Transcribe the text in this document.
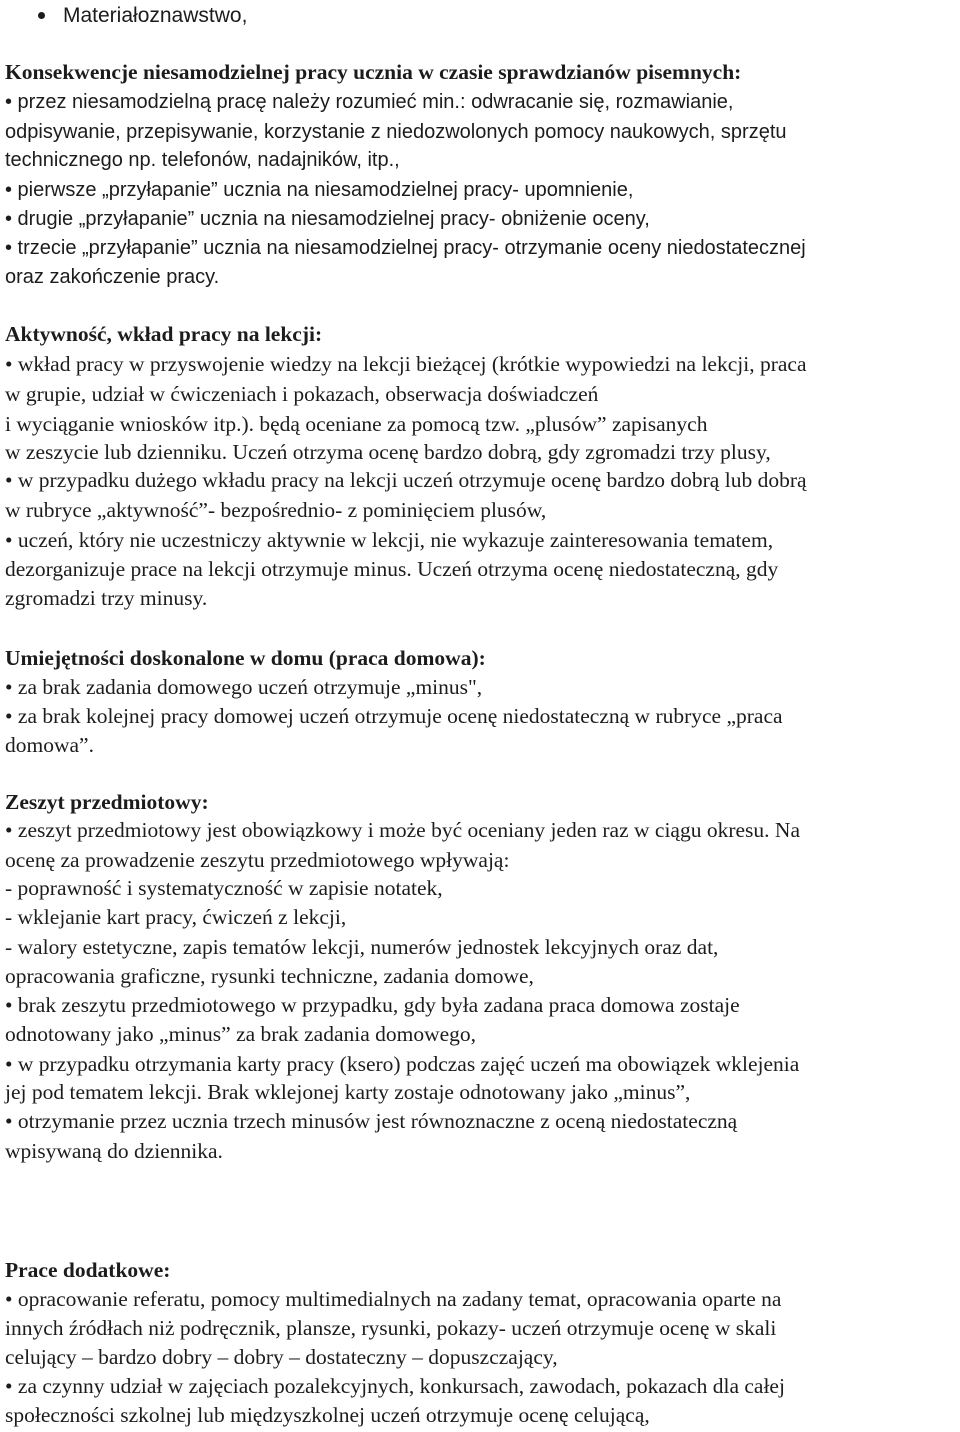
Materiałoznawstwo,
Konsekwencje niesamodzielnej pracy ucznia w czasie sprawdzianów pisemnych:
• przez niesamodzielną pracę należy rozumieć min.: odwracanie się, rozmawianie,
odpisywanie, przepisywanie, korzystanie z niedozwolonych pomocy naukowych, sprzętu
technicznego np. telefonów, nadajników, itp.,
• pierwsze „przyłapanie” ucznia na niesamodzielnej pracy- upomnienie,
• drugie „przyłapanie” ucznia na niesamodzielnej pracy- obniżenie oceny,
• trzecie „przyłapanie” ucznia na niesamodzielnej pracy- otrzymanie oceny niedostatecznej
oraz zakończenie pracy.
Aktywność, wkład pracy na lekcji:
• wkład pracy w przyswojenie wiedzy na lekcji bieżącej (krótkie wypowiedzi na lekcji, praca
w grupie, udział w ćwiczeniach i pokazach, obserwacja doświadczeń
i wyciąganie wniosków itp.). będą oceniane za pomocą tzw. „plusów” zapisanych
w zeszycie lub dzienniku. Uczeń otrzyma ocenę bardzo dobrą, gdy zgromadzi trzy plusy,
• w przypadku dużego wkładu pracy na lekcji uczeń otrzymuje ocenę bardzo dobrą lub dobrą
w rubryce „aktywność”- bezpośrednio- z pominięciem plusów,
• uczeń, który nie uczestniczy aktywnie w lekcji, nie wykazuje zainteresowania tematem,
dezorganizuje prace na lekcji otrzymuje minus. Uczeń otrzyma ocenę niedostateczną, gdy
zgromadzi trzy minusy.
Umiejętności doskonalone w domu (praca domowa):
• za brak zadania domowego uczeń otrzymuje „minus",
• za brak kolejnej pracy domowej uczeń otrzymuje ocenę niedostateczną w rubryce „praca
domowa”.
Zeszyt przedmiotowy:
• zeszyt przedmiotowy jest obowiązkowy i może być oceniany jeden raz w ciągu okresu. Na
ocenę za prowadzenie zeszytu przedmiotowego wpływają:
- poprawność i systematyczność w zapisie notatek,
- wklejanie kart pracy, ćwiczeń z lekcji,
- walory estetyczne, zapis tematów lekcji, numerów jednostek lekcyjnych oraz dat,
opracowania graficzne, rysunki techniczne, zadania domowe,
• brak zeszytu przedmiotowego w przypadku, gdy była zadana praca domowa zostaje
odnotowany jako „minus” za brak zadania domowego,
• w przypadku otrzymania karty pracy (ksero) podczas zajęć uczeń ma obowiązek wklejenia
jej pod tematem lekcji. Brak wklejonej karty zostaje odnotowany jako „minus”,
• otrzymanie przez ucznia trzech minusów jest równoznaczne z oceną niedostateczną
wpisywaną do dziennika.
Prace dodatkowe:
• opracowanie referatu, pomocy multimedialnych na zadany temat, opracowania oparte na
innych źródłach niż podręcznik, plansze, rysunki, pokazy- uczeń otrzymuje ocenę w skali
celujący – bardzo dobry – dobry – dostateczny – dopuszczający,
• za czynny udział w zajęciach pozalekcyjnych, konkursach, zawodach, pokazach dla całej
społeczności szkolnej lub międzyszkolnej uczeń otrzymuje ocenę celującą,
